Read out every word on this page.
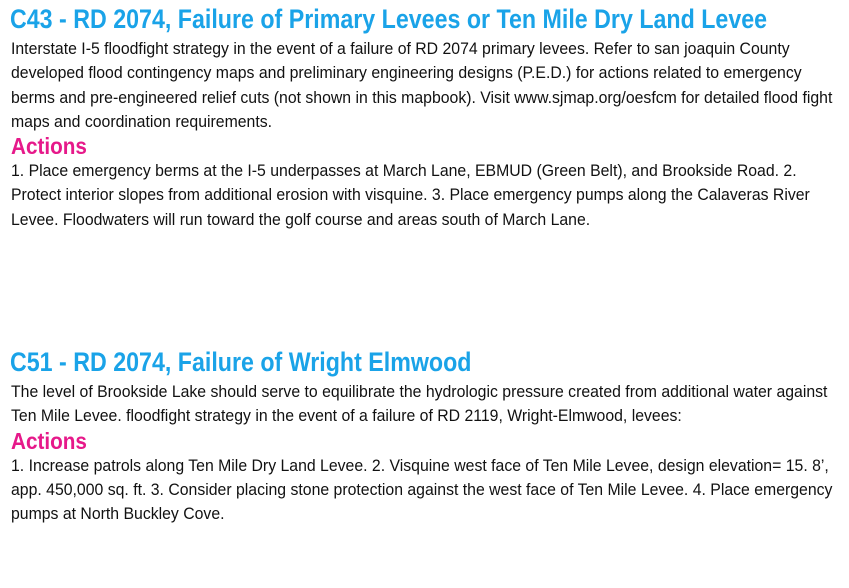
C43 - RD 2074, Failure of Primary Levees or Ten Mile Dry Land Levee

Interstate I-5 floodfight strategy in the event of a failure of RD 2074 primary levees. Refer to san joaquin County developed flood contingency maps and preliminary engineering designs (P.E.D.) for actions related to emergency berms and pre-engineered relief cuts (not shown in this mapbook). Visit www.sjmap.org/oesfcm for detailed flood fight maps and coordination requirements.

Actions

1. Place emergency berms at the I-5 underpasses at March Lane, EBMUD (Green Belt), and Brookside Road. 2. Protect interior slopes from additional erosion with visquine. 3. Place emergency pumps along the Calaveras River Levee. Floodwaters will run toward the golf course and areas south of March Lane.

C51 - RD 2074, Failure of Wright Elmwood

The level of Brookside Lake should serve to equilibrate the hydrologic pressure created from additional water against Ten Mile Levee. floodfight strategy in the event of a failure of RD 2119, Wright-Elmwood, levees:

Actions

1. Increase patrols along Ten Mile Dry Land Levee. 2. Visquine west face of Ten Mile Levee, design elevation= 15. 8’, app. 450,000 sq. ft. 3. Consider placing stone protection against the west face of Ten Mile Levee. 4. Place emergency pumps at North Buckley Cove.
